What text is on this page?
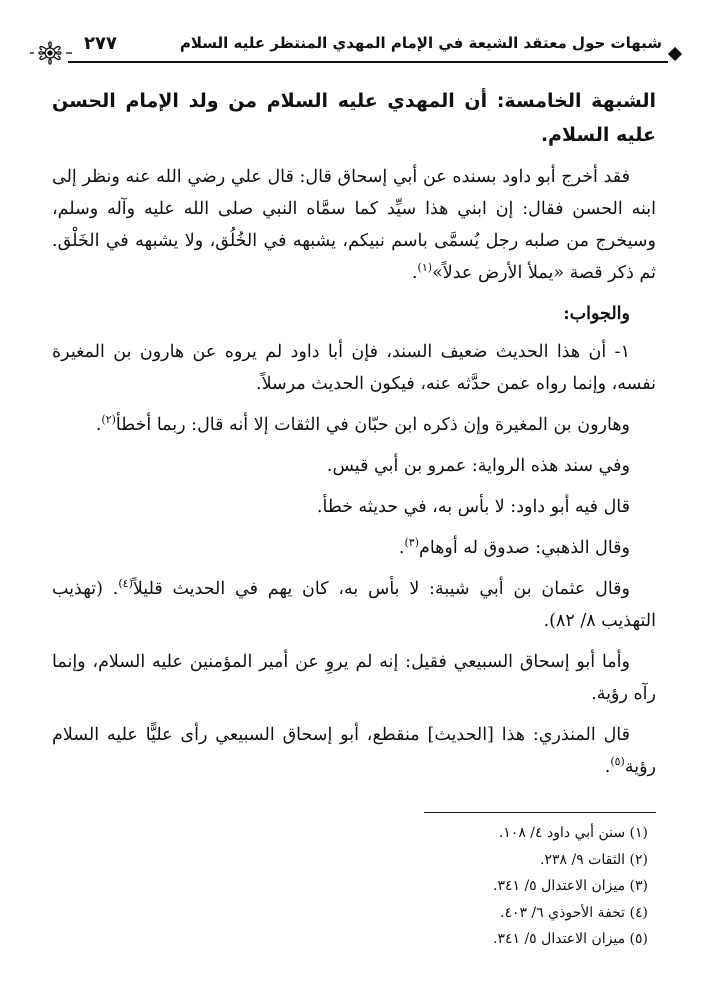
شبهات حول معتقد الشيعة في الإمام المهدي المنتظر عليه السلام
٢٧٧
الشبهة الخامسة: أن المهدي عليه السلام من ولد الإمام الحسن عليه السلام.

فقد أخرج أبو داود بسنده عن أبي إسحاق قال: قال علي رضي الله عنه ونظر إلى ابنه الحسن فقال: إن ابني هذا سيِّد كما سمَّاه النبي صلى الله عليه وآله وسلم، وسيخرج من صلبه رجل يُسمَّى باسم نبيكم، يشبهه في الخُلُق، ولا يشبهه في الخَلْق. ثم ذكر قصة «يملأ الأرض عدلاً»$^{(١)}$.

والجواب:

١- أن هذا الحديث ضعيف السند، فإن أبا داود لم يروه عن هارون بن المغيرة نفسه، وإنما رواه عمن حدَّثه عنه، فيكون الحديث مرسلاً.

وهارون بن المغيرة وإن ذكره ابن حبّان في الثقات إلا أنه قال: ربما أخطأ$^{(٢)}$.

وفي سند هذه الرواية: عمرو بن أبي قيس.

قال فيه أبو داود: لا بأس به، في حديثه خطأ.

وقال الذهبي: صدوق له أوهام$^{(٣)}$.

وقال عثمان بن أبي شيبة: لا بأس به، كان يهم في الحديث قليلاً$^{(٤)}$. (تهذيب التهذيب ٨/ ٨٢).

وأما أبو إسحاق السبيعي فقيل: إنه لم يروِ عن أمير المؤمنين عليه السلام، وإنما رآه رؤية.

قال المنذري: هذا [الحديث] منقطع، أبو إسحاق السبيعي رأى عليًّا عليه السلام رؤية$^{(٥)}$.

(١) سنن أبي داود ٤/ ١٠٨.
(٢) الثقات ٩/ ٢٣٨.
(٣) ميزان الاعتدال ٥/ ٣٤١.
(٤) تحفة الأحوذي ٦/ ٤٠٣.
(٥) ميزان الاعتدال ٥/ ٣٤١.
